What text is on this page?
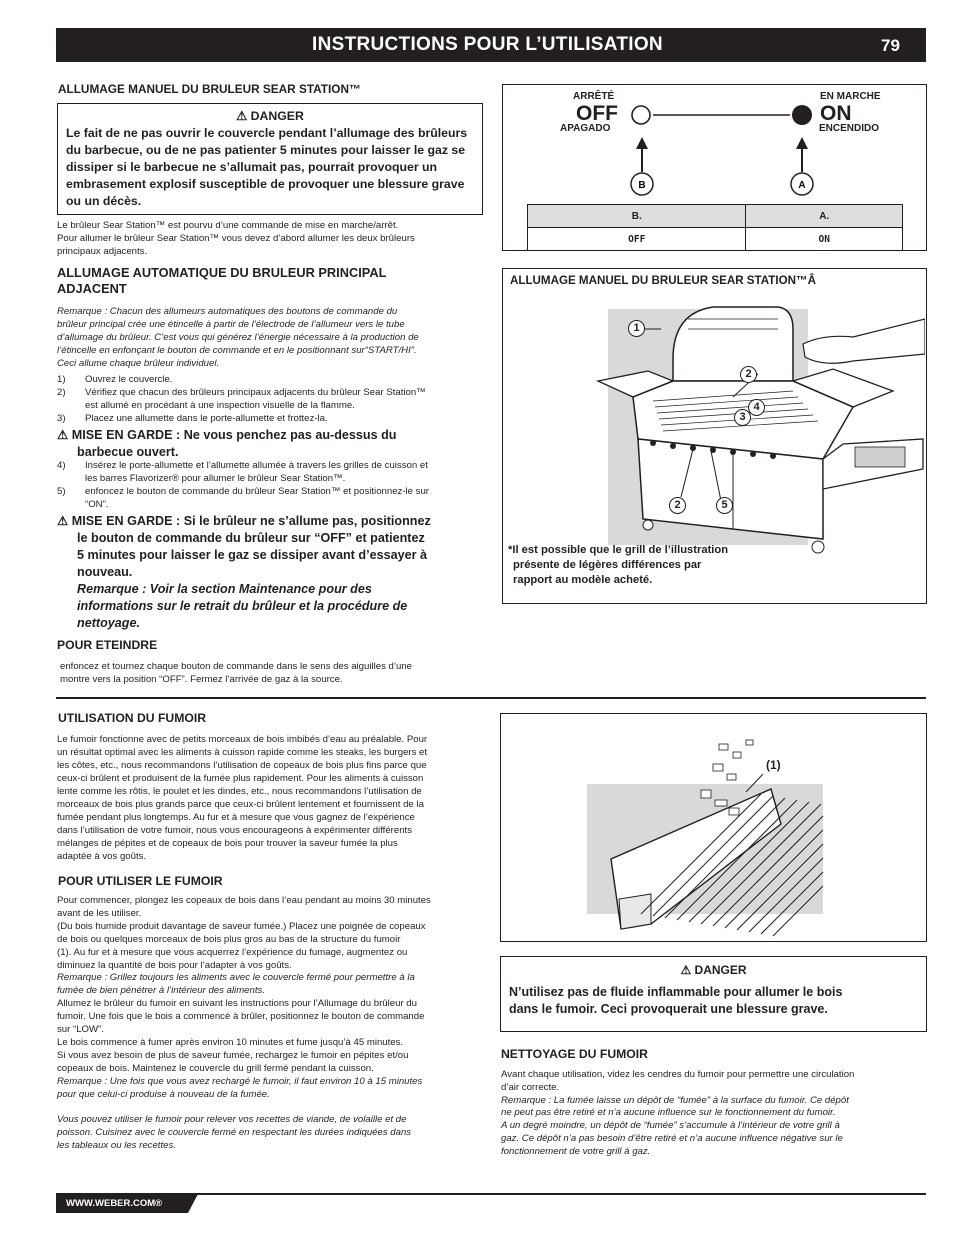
INSTRUCTIONS POUR L’UTILISATION	79
ALLUMAGE MANUEL DU BRULEUR SEAR STATION™
⚠ DANGER
Le fait de ne pas ouvrir le couvercle pendant l’allumage des brûleurs du barbecue, ou de ne pas patienter 5 minutes pour laisser le gaz se dissiper si le barbecue ne s’allumait pas, pourrait provoquer un embrasement explosif susceptible de provoquer une blessure grave ou un décès.
Le brûleur Sear Station™ est pourvu d’une commande de mise en marche/arrêt.
Pour allumer le brûleur Sear Station™ vous devez d’abord allumer les deux brûleurs
principaux adjacents.
ALLUMAGE AUTOMATIQUE DU BRULEUR PRINCIPAL
ADJACENT
Remarque : Chacun des allumeurs automatiques des boutons de commande du
brûleur principal crée une étincelle à partir de l’électrode de l’allumeur vers le tube
d’allumage du brûleur. C’est vous qui générez l’énergie nécessaire à la production de
l’étincelle en enfonçant le bouton de commande et en le positionnant sur“START/HI”.
Ceci allume chaque brûleur individuel.
1) Ouvrez le couvercle.
2) Vérifiez que chacun des brûleurs principaux adjacents du brûleur Sear Station™
est allumé en procédant à une inspection visuelle de la flamme.
3) Placez une allumette dans le porte-allumette et frottez-la.
⚠ MISE EN GARDE : Ne vous penchez pas au-dessus du
barbecue ouvert.
4) Insérez le porte-allumette et l’allumette allumée à travers les grilles de cuisson et
les barres Flavorizer® pour allumer le brûleur Sear Station™.
5) enfoncez le bouton de commande du brûleur Sear Station™ et positionnez-le sur
“ON”.
⚠ MISE EN GARDE : Si le brûleur ne s’allume pas, positionnez
le bouton de commande du brûleur sur “OFF” et patientez
5 minutes pour laisser le gaz se dissiper avant d’essayer à
nouveau.
Remarque : Voir la section Maintenance pour des
informations sur le retrait du brûleur et la procédure de
nettoyage.
POUR ETEINDRE
enfoncez et tournez chaque bouton de commande dans le sens des aiguilles d’une
montre vers la position “OFF”. Fermez l’arrivée de gaz à la source.
ARRÊTÉ
OFF
APAGADO
EN MARCHE
ON
ENCENDIDO
B	A
B.	A.
OFF	ON
ALLUMAGE MANUEL DU BRULEUR SEAR STATION™Â
1
2
3
4
2	5
*Il est possible que le grill de l’illustration
présente de légères différences par
rapport au modèle acheté.
UTILISATION DU FUMOIR
Le fumoir fonctionne avec de petits morceaux de bois imbibés d’eau au préalable. Pour
un résultat optimal avec les aliments à cuisson rapide comme les steaks, les burgers et
les côtes, etc., nous recommandons l’utilisation de copeaux de bois plus fins parce que
ceux-ci brûlent et produisent de la fumée plus rapidement. Pour les aliments à cuisson
lente comme les rôtis, le poulet et les dindes, etc., nous recommandons l’utilisation de
morceaux de bois plus grands parce que ceux-ci brûlent lentement et fournissent de la
fumée pendant plus longtemps. Au fur et à mesure que vous gagnez de l’expérience
dans l’utilisation de votre fumoir, nous vous encourageons à expérimenter différents
mélanges de pépites et de copeaux de bois pour trouver la saveur fumée la plus
adaptée à vos goûts.
POUR UTILISER LE FUMOIR
Pour commencer, plongez les copeaux de bois dans l’eau pendant au moins 30 minutes
avant de les utiliser.
(Du bois humide produit davantage de saveur fumée.) Placez une poignée de copeaux
de bois ou quelques morceaux de bois plus gros au bas de la structure du fumoir
(1). Au fur et à mesure que vous acquerrez l’expérience du fumage, augmentez ou
diminuez la quantité de bois pour l’adapter à vos goûts.
Remarque : Grillez toujours les aliments avec le couvercle fermé pour permettre à la
fumée de bien pénétrer à l’intérieur des aliments.
Allumez le brûleur du fumoir en suivant les instructions pour l’Allumage du brûleur du
fumoir. Une fois que le bois a commencé à brûler, positionnez le bouton de commande
sur “LOW”.
Le bois commence à fumer après environ 10 minutes et fume jusqu’à 45 minutes.
Si vous avez besoin de plus de saveur fumée, rechargez le fumoir en pépites et/ou
copeaux de bois. Maintenez le couvercle du grill fermé pendant la cuisson.
Remarque : Une fois que vous avez rechargé le fumoir, il faut environ 10 à 15 minutes
pour que celui-ci produise à nouveau de la fumée.
Vous pouvez utiliser le fumoir pour relever vos recettes de viande, de volaille et de
poisson. Cuisinez avec le couvercle fermé en respectant les durées indiquées dans
les tableaux ou les recettes.
(1)
⚠ DANGER
N’utilisez pas de fluide inflammable pour allumer le bois
dans le fumoir. Ceci provoquerait une blessure grave.
NETTOYAGE DU FUMOIR
Avant chaque utilisation, videz les cendres du fumoir pour permettre une circulation
d’air correcte.
Remarque : La fumée laisse un dépôt de “fumée” à la surface du fumoir. Ce dépôt
ne peut pas être retiré et n’a aucune influence sur le fonctionnement du fumoir.
A un degré moindre, un dépôt de “fumée” s’accumule à l’intérieur de votre grill à
gaz. Ce dépôt n’a pas besoin d’être retiré et n’a aucune influence négative sur le
fonctionnement de votre grill à gaz.
WWW.WEBER.COM®
